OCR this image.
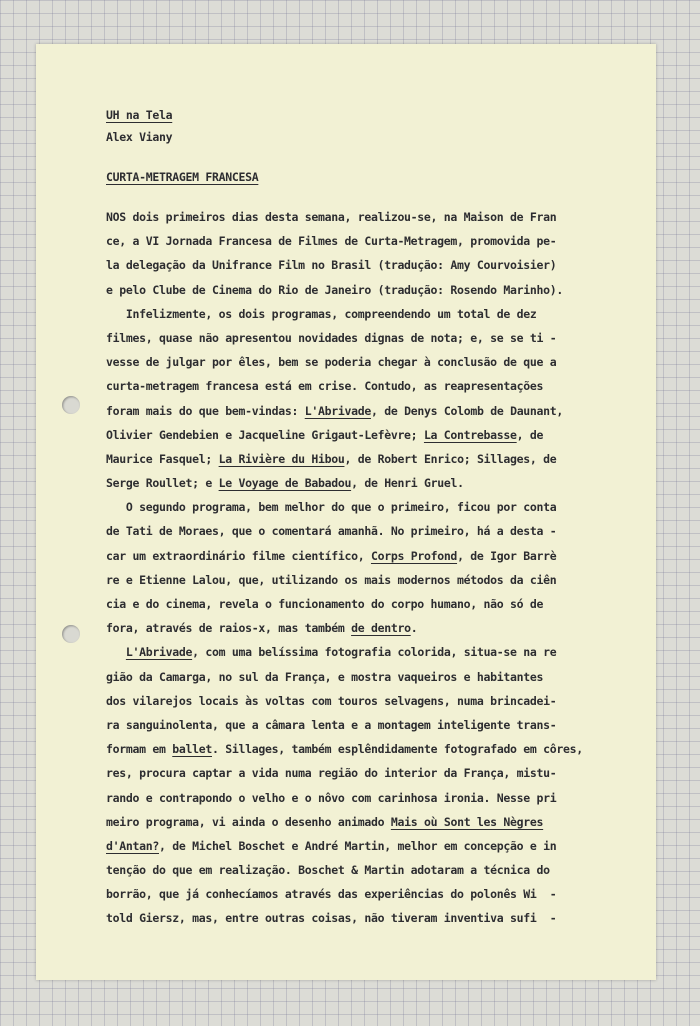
UH na Tela
Alex Viany
CURTA-METRAGEM FRANCESA
NOS dois primeiros dias desta semana, realizou-se, na Maison de Fran
ce, a VI Jornada Francesa de Filmes de Curta-Metragem, promovida pe-
la delegação da Unifrance Film no Brasil (tradução: Amy Courvoisier)
e pelo Clube de Cinema do Rio de Janeiro (tradução: Rosendo Marinho).
Infelizmente, os dois programas, compreendendo um total de dez
filmes, quase não apresentou novidades dignas de nota; e, se se ti -
vesse de julgar por êles, bem se poderia chegar à conclusão de que a
curta-metragem francesa está em crise. Contudo, as reapresentações
foram mais do que bem-vindas: L'Abrivade, de Denys Colomb de Daunant,
Olivier Gendebien e Jacqueline Grigaut-Lefèvre; La Contrebasse, de
Maurice Fasquel; La Rivière du Hibou, de Robert Enrico; Sillages, de
Serge Roullet; e Le Voyage de Babadou, de Henri Gruel.
O segundo programa, bem melhor do que o primeiro, ficou por conta
de Tati de Moraes, que o comentará amanhã. No primeiro, há a desta -
car um extraordinário filme científico, Corps Profond, de Igor Barrè
re e Etienne Lalou, que, utilizando os mais modernos métodos da ciên
cia e do cinema, revela o funcionamento do corpo humano, não só de
fora, através de raios-x, mas também de dentro.
L'Abrivade, com uma belíssima fotografia colorida, situa-se na re
gião da Camarga, no sul da França, e mostra vaqueiros e habitantes
dos vilarejos locais às voltas com touros selvagens, numa brincadei-
ra sanguinolenta, que a câmara lenta e a montagem inteligente trans-
formam em ballet. Sillages, também esplêndidamente fotografado em côres,
res, procura captar a vida numa região do interior da França, mistu-
rando e contrapondo o velho e o nôvo com carinhosa ironia. Nesse pri
meiro programa, vi ainda o desenho animado Mais où Sont les Nègres
d'Antan?, de Michel Boschet e André Martin, melhor em concepção e in
tenção do que em realização. Boschet & Martin adotaram a técnica do
borrão, que já conhecíamos através das experiências do polonês Wi  -
told Giersz, mas, entre outras coisas, não tiveram inventiva sufi  -
